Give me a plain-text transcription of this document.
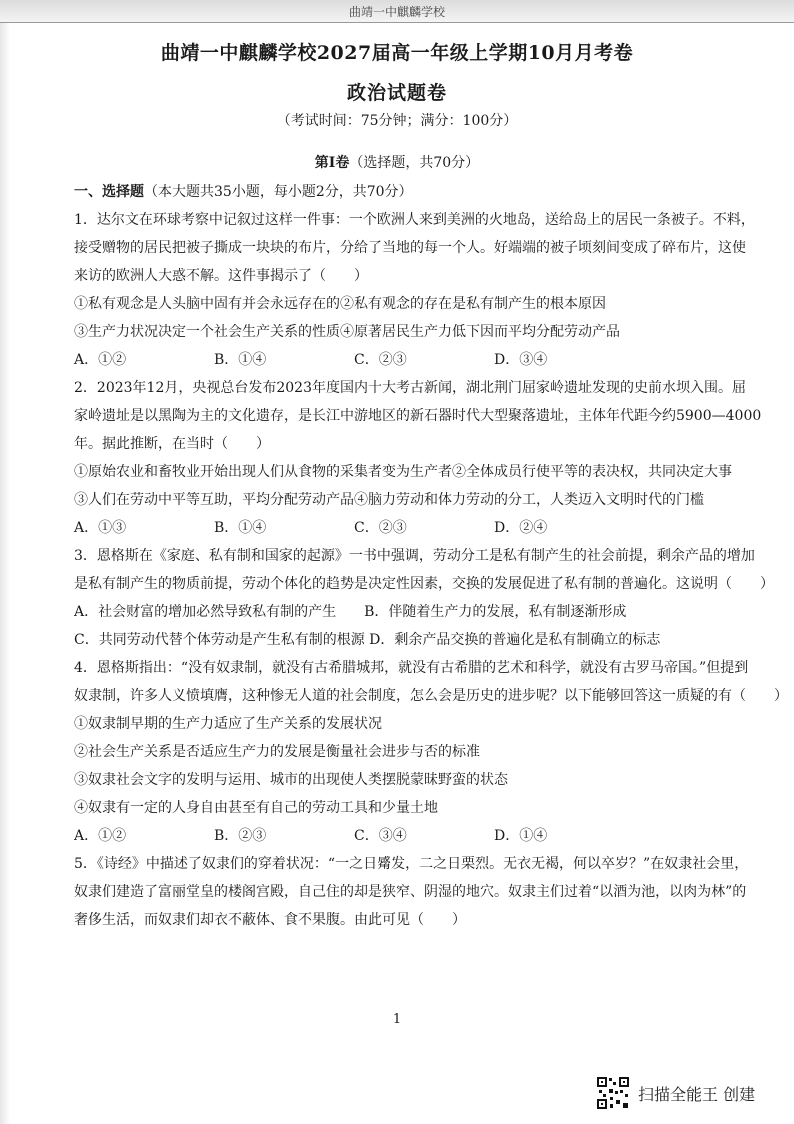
曲靖一中麒麟学校
曲靖一中麒麟学校2027届高一年级上学期10月月考卷
政治试题卷
（考试时间：75分钟；满分：100分）
第Ⅰ卷（选择题，共70分）
一、选择题（本大题共35小题，每小题2分，共70分）
1．达尔文在环球考察中记叙过这样一件事：一个欧洲人来到美洲的火地岛，送给岛上的居民一条被子。不料，
接受赠物的居民把被子撕成一块块的布片，分给了当地的每一个人。好端端的被子顷刻间变成了碎布片，这使
来访的欧洲人大惑不解。这件事揭示了（　　）
①私有观念是人头脑中固有并会永远存在的②私有观念的存在是私有制产生的根本原因
③生产力状况决定一个社会生产关系的性质④原著居民生产力低下因而平均分配劳动产品
A．①②	B．①④	C．②③	D．③④
2．2023年12月，央视总台发布2023年度国内十大考古新闻，湖北荆门屈家岭遗址发现的史前水坝入围。屈
家岭遗址是以黑陶为主的文化遗存，是长江中游地区的新石器时代大型聚落遗址，主体年代距今约5900—4000
年。据此推断，在当时（　　）
①原始农业和畜牧业开始出现人们从食物的采集者变为生产者②全体成员行使平等的表决权，共同决定大事
③人们在劳动中平等互助，平均分配劳动产品④脑力劳动和体力劳动的分工，人类迈入文明时代的门槛
A．①③	B．①④	C．②③	D．②④
3．恩格斯在《家庭、私有制和国家的起源》一书中强调，劳动分工是私有制产生的社会前提，剩余产品的增加
是私有制产生的物质前提，劳动个体化的趋势是决定性因素，交换的发展促进了私有制的普遍化。这说明（　　）
A．社会财富的增加必然导致私有制的产生　　B．伴随着生产力的发展，私有制逐渐形成
C．共同劳动代替个体劳动是产生私有制的根源 D．剩余产品交换的普遍化是私有制确立的标志
4．恩格斯指出：“没有奴隶制，就没有古希腊城邦，就没有古希腊的艺术和科学，就没有古罗马帝国。”但提到
奴隶制，许多人义愤填膺，这种惨无人道的社会制度，怎么会是历史的进步呢？以下能够回答这一质疑的有（　　）
①奴隶制早期的生产力适应了生产关系的发展状况
②社会生产关系是否适应生产力的发展是衡量社会进步与否的标准
③奴隶社会文字的发明与运用、城市的出现使人类摆脱蒙昧野蛮的状态
④奴隶有一定的人身自由甚至有自己的劳动工具和少量土地
A．①②	B．②③	C．③④	D．①④
5．《诗经》中描述了奴隶们的穿着状况：“一之日觱发，二之日栗烈。无衣无褐，何以卒岁？”在奴隶社会里，
奴隶们建造了富丽堂皇的楼阁宫殿，自己住的却是狭窄、阴湿的地穴。奴隶主们过着“以酒为池，以肉为林”的
奢侈生活，而奴隶们却衣不蔽体、食不果腹。由此可见（　　）
1
扫描全能王 创建
